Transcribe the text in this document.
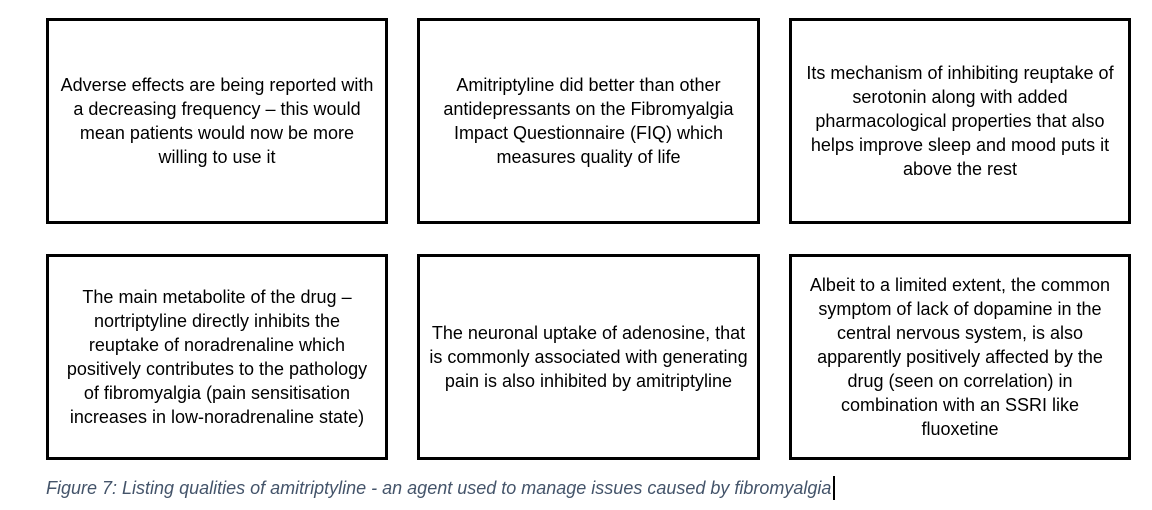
Adverse effects are being reported with a decreasing frequency – this would mean patients would now be more willing to use it
Amitriptyline did better than other antidepressants on the Fibromyalgia Impact Questionnaire (FIQ) which measures quality of life
Its mechanism of inhibiting reuptake of serotonin along with added pharmacological properties that also helps improve sleep and mood puts it above the rest
The main metabolite of the drug – nortriptyline directly inhibits the reuptake of noradrenaline which positively contributes to the pathology of fibromyalgia (pain sensitisation increases in low-noradrenaline state)
The neuronal uptake of adenosine, that is commonly associated with generating pain is also inhibited by amitriptyline
Albeit to a limited extent, the common symptom of lack of dopamine in the central nervous system, is also apparently positively affected by the drug (seen on correlation) in combination with an SSRI like fluoxetine
Figure 7: Listing qualities of amitriptyline - an agent used to manage issues caused by fibromyalgia
